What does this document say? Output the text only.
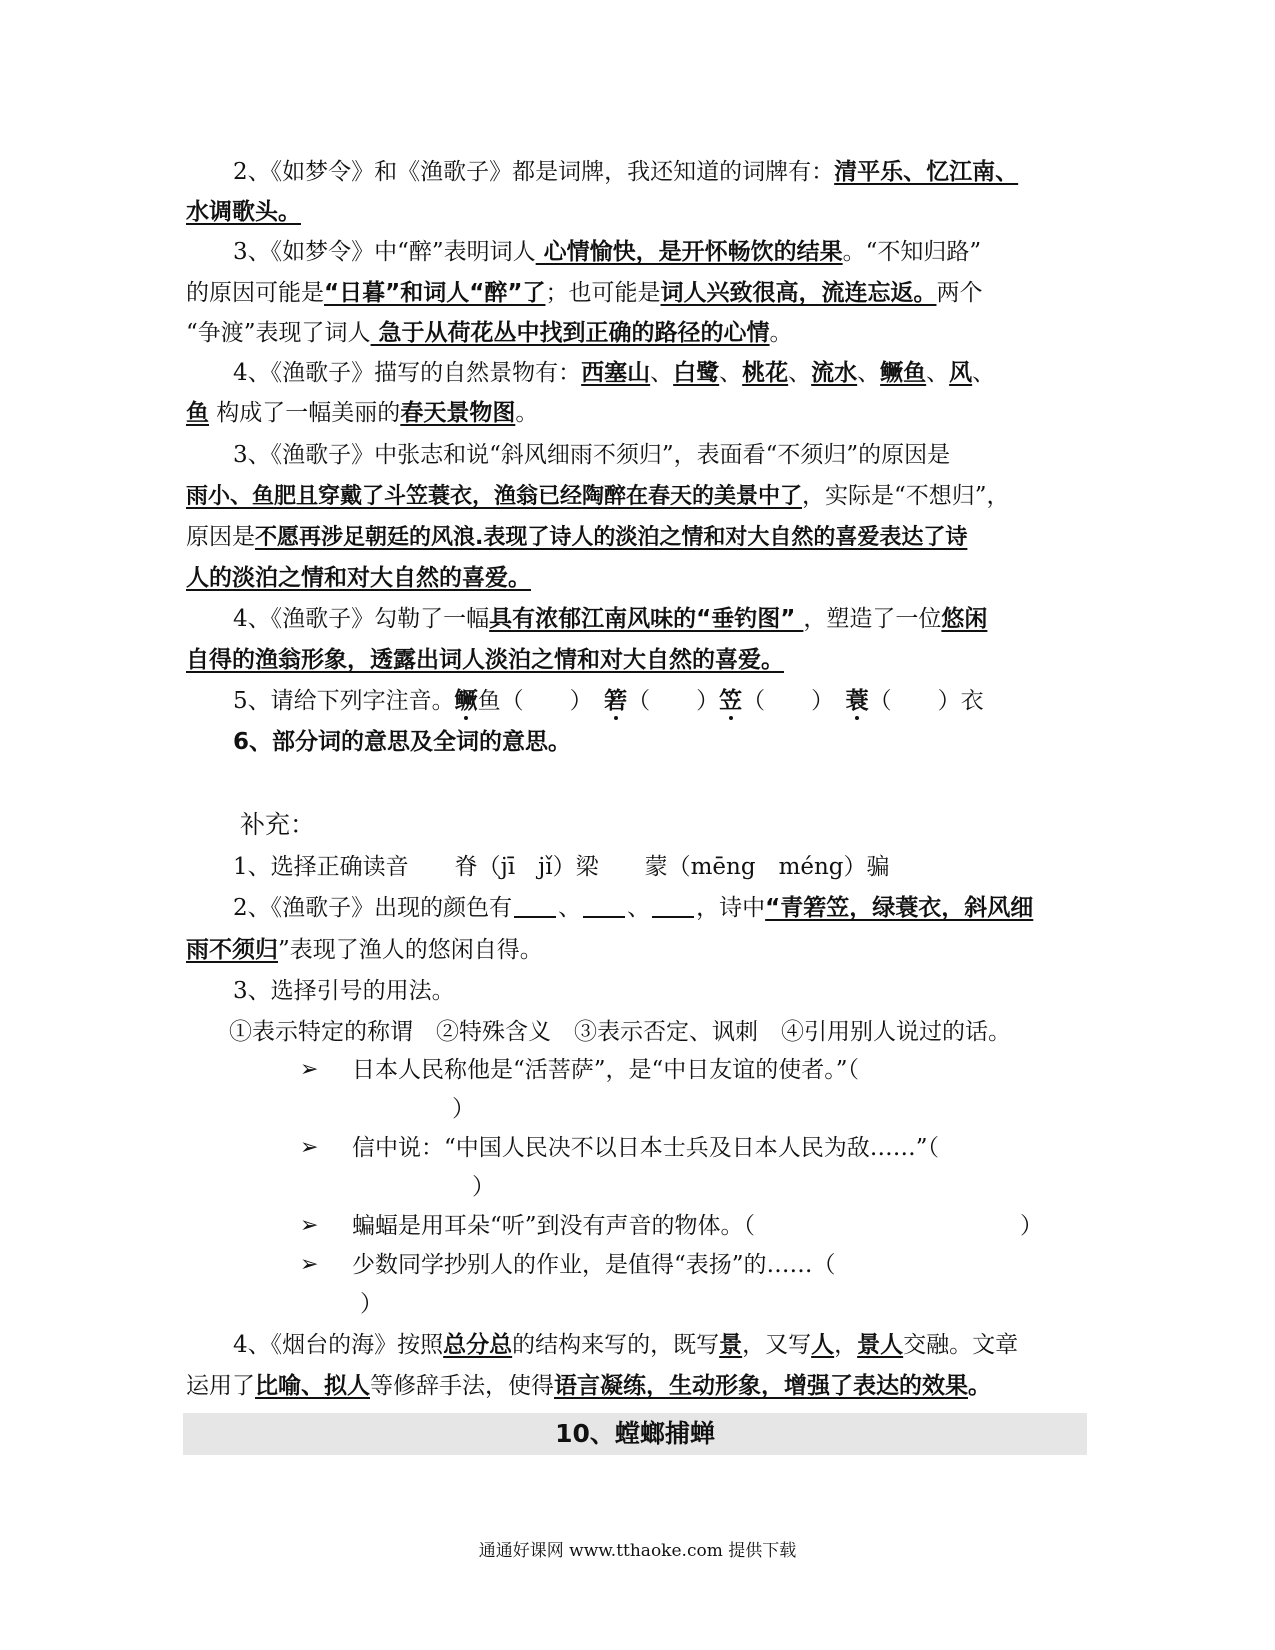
2、《如梦令》和《渔歌子》都是词牌，我还知道的词牌有：清平乐、忆江南、
水调歌头。
3、《如梦令》中“醉”表明词人 心情愉快，是开怀畅饮的结果。“不知归路”
的原因可能是“日暮”和词人“醉”了；也可能是词人兴致很高，流连忘返。两个
“争渡”表现了词人 急于从荷花丛中找到正确的路径的心情。
4、《渔歌子》描写的自然景物有：西塞山、白鹭、桃花、流水、鳜鱼、风、
鱼 构成了一幅美丽的春天景物图。
3、《渔歌子》中张志和说“斜风细雨不须归”，表面看“不须归”的原因是
雨小、鱼肥且穿戴了斗笠蓑衣，渔翁已经陶醉在春天的美景中了，实际是“不想归”，
原因是不愿再涉足朝廷的风浪.表现了诗人的淡泊之情和对大自然的喜爱表达了诗
人的淡泊之情和对大自然的喜爱。
4、《渔歌子》勾勒了一幅具有浓郁江南风味的“垂钓图” ，塑造了一位悠闲
自得的渔翁形象，透露出词人淡泊之情和对大自然的喜爱。
5、请给下列字注音。鳜鱼（　　）　 箬（　　）笠（　　）　 蓑（　　）衣
6、部分词的意思及全词的意思。
补充：
1、选择正确读音　　脊（jī　jǐ）梁　　蒙（mēng　méng）骗
2、《渔歌子》出现的颜色有 、 、 ，诗中“青箬笠，绿蓑衣，斜风细
雨不须归”表现了渔人的悠闲自得。
3、选择引号的用法。
①表示特定的称谓　②特殊含义　③表示否定、讽刺　④引用别人说过的话。
➢ 日本人民称他是“活菩萨”，是“中日友谊的使者。”（
）
➢ 信中说：“中国人民决不以日本士兵及日本人民为敌……”（
）
➢ 蝙蝠是用耳朵“听”到没有声音的物体。（	）
➢ 少数同学抄别人的作业，是值得“表扬”的……（
）
4、《烟台的海》按照总分总的结构来写的，既写景，又写人，景人交融。文章
运用了比喻、拟人等修辞手法，使得语言凝练，生动形象，增强了表达的效果。
10、螳螂捕蝉
通通好课网 www.tthaoke.com 提供下载
